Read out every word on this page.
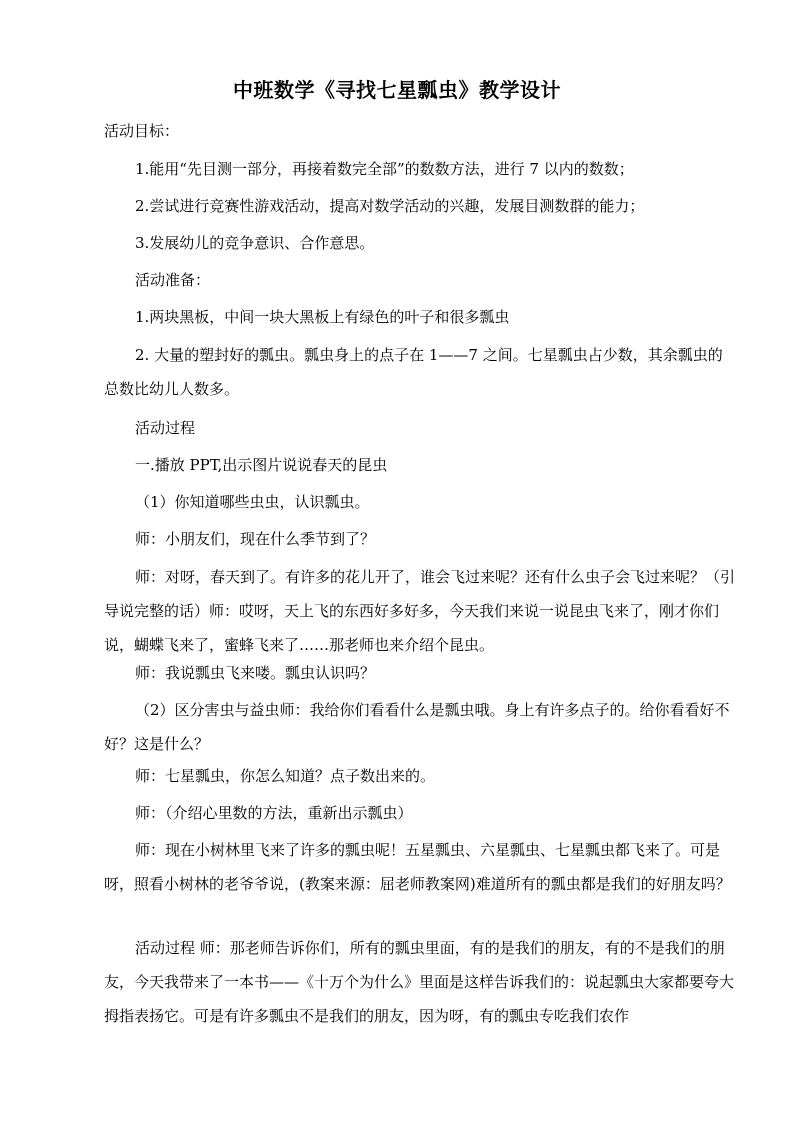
中班数学《寻找七星瓢虫》教学设计
活动目标：
1.能用“先目测一部分，再接着数完全部”的数数方法，进行 7 以内的数数；
2.尝试进行竞赛性游戏活动，提高对数学活动的兴趣，发展目测数群的能力；
3.发展幼儿的竞争意识、合作意思。
活动准备：
1.两块黑板，中间一块大黑板上有绿色的叶子和很多瓢虫
2. 大量的塑封好的瓢虫。瓢虫身上的点子在 1——7 之间。七星瓢虫占少数，其余瓢虫的总数比幼儿人数多。
活动过程
一.播放 PPT,出示图片说说春天的昆虫
（1）你知道哪些虫虫，认识瓢虫。
师：小朋友们，现在什么季节到了？
师：对呀，春天到了。有许多的花儿开了，谁会飞过来呢？还有什么虫子会飞过来呢？（引导说完整的话）师：哎呀，天上飞的东西好多好多，今天我们来说一说昆虫飞来了，刚才你们说，蝴蝶飞来了，蜜蜂飞来了……那老师也来介绍个昆虫。
师：我说瓢虫飞来喽。瓢虫认识吗？
（2）区分害虫与益虫师：我给你们看看什么是瓢虫哦。身上有许多点子的。给你看看好不好？这是什么？
师：七星瓢虫，你怎么知道？点子数出来的。
师：（介绍心里数的方法，重新出示瓢虫）
师：现在小树林里飞来了许多的瓢虫呢！五星瓢虫、六星瓢虫、七星瓢虫都飞来了。可是呀，照看小树林的老爷爷说，(教案来源：屈老师教案网)难道所有的瓢虫都是我们的好朋友吗？
活动过程 师：那老师告诉你们，所有的瓢虫里面，有的是我们的朋友，有的不是我们的朋友，今天我带来了一本书——《十万个为什么》里面是这样告诉我们的：说起瓢虫大家都要夸大拇指表扬它。可是有许多瓢虫不是我们的朋友，因为呀，有的瓢虫专吃我们农作
